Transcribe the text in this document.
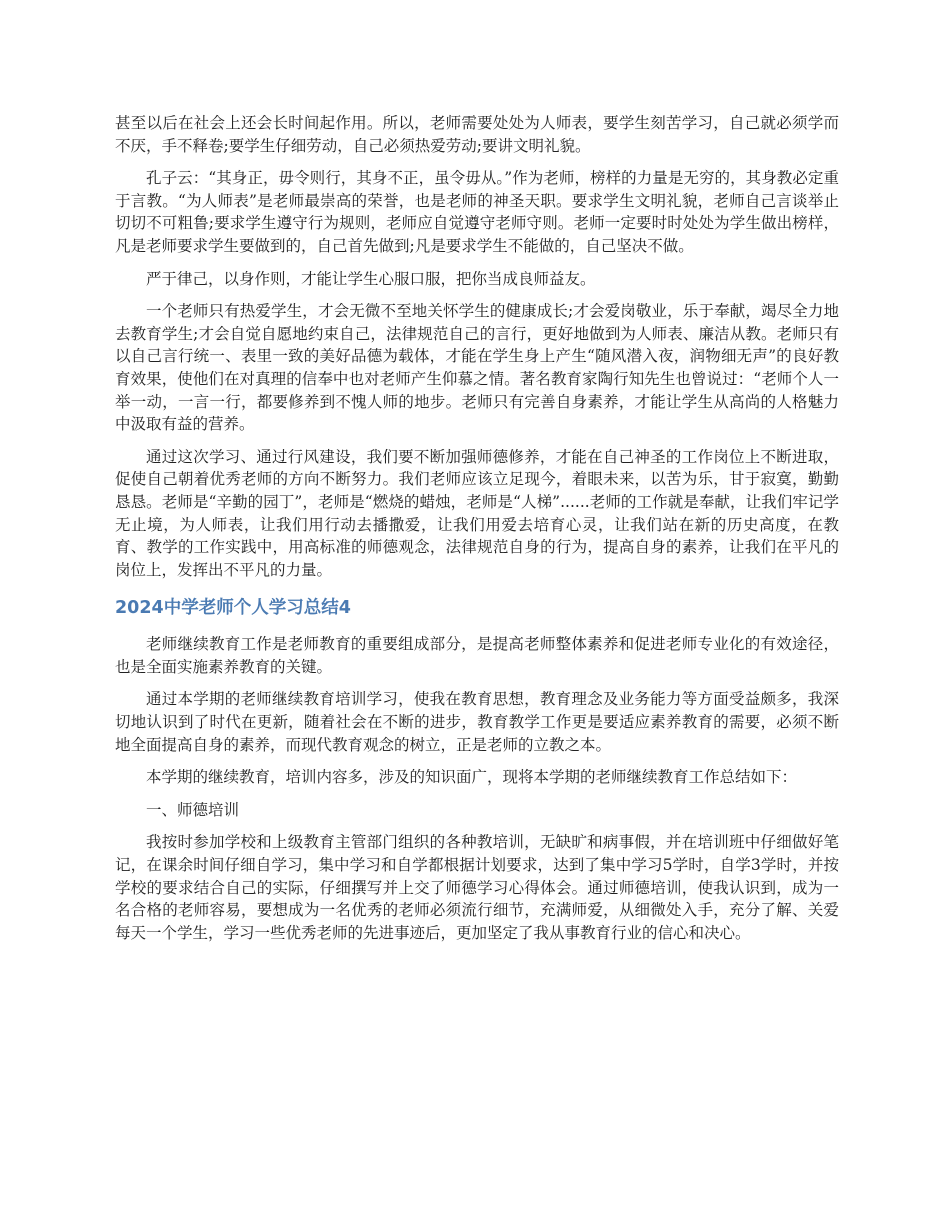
甚至以后在社会上还会长时间起作用。所以，老师需要处处为人师表，要学生刻苦学习，自己就必须学而不厌，手不释卷;要学生仔细劳动，自己必须热爱劳动;要讲文明礼貌。

孔子云：“其身正，毋令则行，其身不正，虽令毋从。”作为老师，榜样的力量是无穷的，其身教必定重于言教。“为人师表”是老师最崇高的荣誉，也是老师的神圣天职。要求学生文明礼貌，老师自己言谈举止切切不可粗鲁;要求学生遵守行为规则，老师应自觉遵守老师守则。老师一定要时时处处为学生做出榜样，凡是老师要求学生要做到的，自己首先做到;凡是要求学生不能做的，自己坚决不做。

严于律己，以身作则，才能让学生心服口服，把你当成良师益友。

一个老师只有热爱学生，才会无微不至地关怀学生的健康成长;才会爱岗敬业，乐于奉献，竭尽全力地去教育学生;才会自觉自愿地约束自己，法律规范自己的言行，更好地做到为人师表、廉洁从教。老师只有以自己言行统一、表里一致的美好品德为载体，才能在学生身上产生“随风潜入夜，润物细无声”的良好教育效果，使他们在对真理的信奉中也对老师产生仰慕之情。著名教育家陶行知先生也曾说过：“老师个人一举一动，一言一行，都要修养到不愧人师的地步。老师只有完善自身素养，才能让学生从高尚的人格魅力中汲取有益的营养。

通过这次学习、通过行风建设，我们要不断加强师德修养，才能在自己神圣的工作岗位上不断进取，促使自己朝着优秀老师的方向不断努力。我们老师应该立足现今，着眼未来，以苦为乐，甘于寂寞，勤勤恳恳。老师是“辛勤的园丁”，老师是“燃烧的蜡烛，老师是“人梯”......老师的工作就是奉献，让我们牢记学无止境，为人师表，让我们用行动去播撒爱，让我们用爱去培育心灵，让我们站在新的历史高度，在教育、教学的工作实践中，用高标准的师德观念，法律规范自身的行为，提高自身的素养，让我们在平凡的岗位上，发挥出不平凡的力量。

2024中学老师个人学习总结4

老师继续教育工作是老师教育的重要组成部分，是提高老师整体素养和促进老师专业化的有效途径，也是全面实施素养教育的关键。

通过本学期的老师继续教育培训学习，使我在教育思想，教育理念及业务能力等方面受益颇多，我深切地认识到了时代在更新，随着社会在不断的进步，教育教学工作更是要适应素养教育的需要，必须不断地全面提高自身的素养，而现代教育观念的树立，正是老师的立教之本。

本学期的继续教育，培训内容多，涉及的知识面广，现将本学期的老师继续教育工作总结如下：

一、师德培训

我按时参加学校和上级教育主管部门组织的各种教培训，无缺旷和病事假，并在培训班中仔细做好笔记，在课余时间仔细自学习，集中学习和自学都根据计划要求，达到了集中学习5学时，自学3学时，并按学校的要求结合自己的实际，仔细撰写并上交了师德学习心得体会。通过师德培训，使我认识到，成为一名合格的老师容易，要想成为一名优秀的老师必须流行细节，充满师爱，从细微处入手，充分了解、关爱每天一个学生，学习一些优秀老师的先进事迹后，更加坚定了我从事教育行业的信心和决心。
